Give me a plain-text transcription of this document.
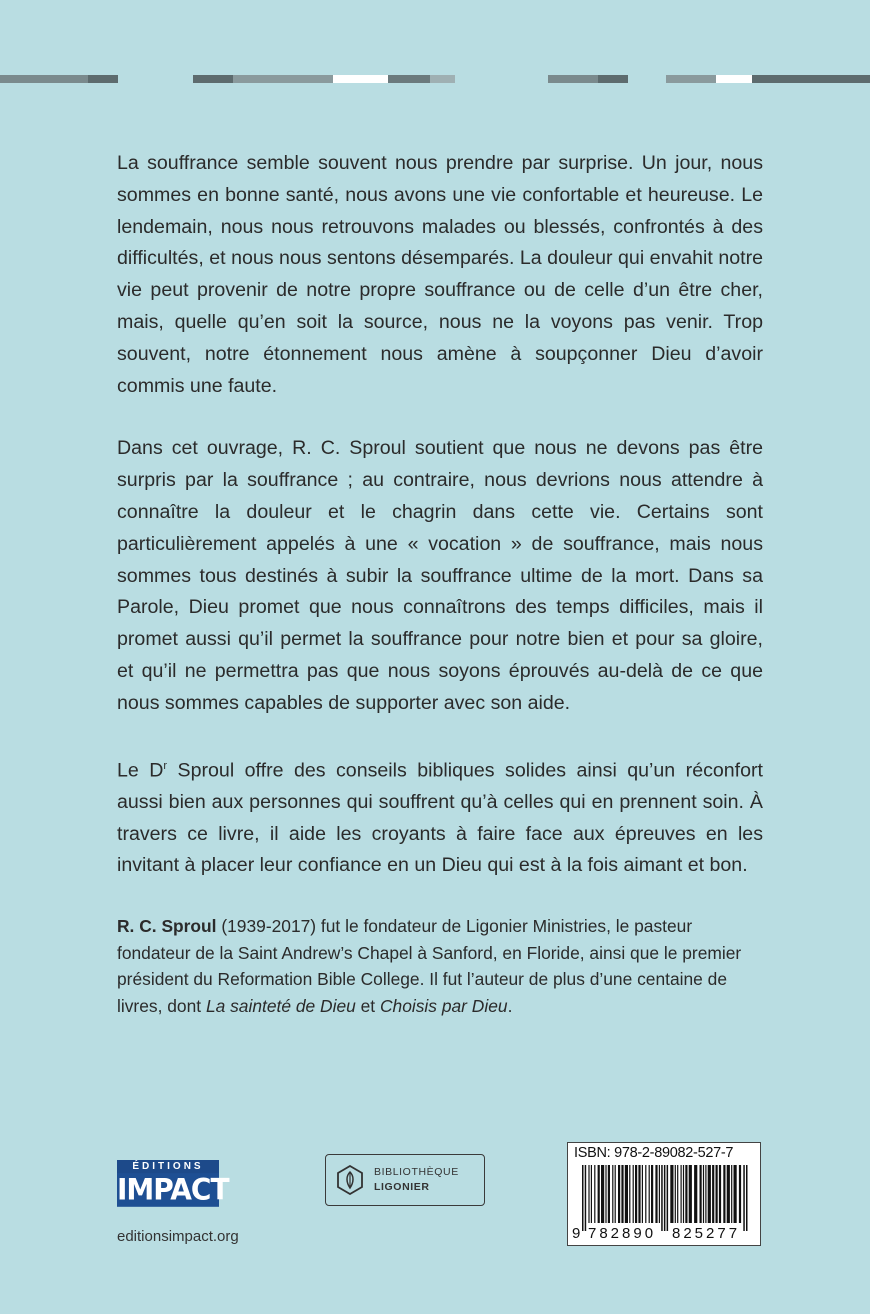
La souffrance semble souvent nous prendre par surprise. Un jour, nous sommes en bonne santé, nous avons une vie confortable et heureuse. Le lendemain, nous nous retrouvons malades ou blessés, confrontés à des difficultés, et nous nous sentons désemparés. La douleur qui envahit notre vie peut provenir de notre propre souffrance ou de celle d’un être cher, mais, quelle qu’en soit la source, nous ne la voyons pas venir. Trop souvent, notre étonnement nous amène à soupçonner Dieu d’avoir commis une faute.

Dans cet ouvrage, R. C. Sproul soutient que nous ne devons pas être surpris par la souffrance ; au contraire, nous devrions nous attendre à connaître la douleur et le chagrin dans cette vie. Certains sont particulièrement appelés à une « vocation » de souffrance, mais nous sommes tous destinés à subir la souffrance ultime de la mort. Dans sa Parole, Dieu promet que nous connaîtrons des temps difficiles, mais il promet aussi qu’il permet la souffrance pour notre bien et pour sa gloire, et qu’il ne permettra pas que nous soyons éprouvés au-delà de ce que nous sommes capables de supporter avec son aide.

Le $D^r$ Sproul offre des conseils bibliques solides ainsi qu’un réconfort aussi bien aux personnes qui souffrent qu’à celles qui en prennent soin. À travers ce livre, il aide les croyants à faire face aux épreuves en les invitant à placer leur confiance en un Dieu qui est à la fois aimant et bon.

R. C. Sproul (1939-2017) fut le fondateur de Ligonier Ministries, le pasteur fondateur de la Saint Andrew’s Chapel à Sanford, en Floride, ainsi que le premier président du Reformation Bible College. Il fut l’auteur de plus d’une centaine de livres, dont La sainteté de Dieu et Choisis par Dieu.
ÉDITIONS
IMPACT
editionsimpact.org
BIBLIOTHÈQUE
LIGONIER
ISBN: 978-2-89082-527-7
9 782890 825277
